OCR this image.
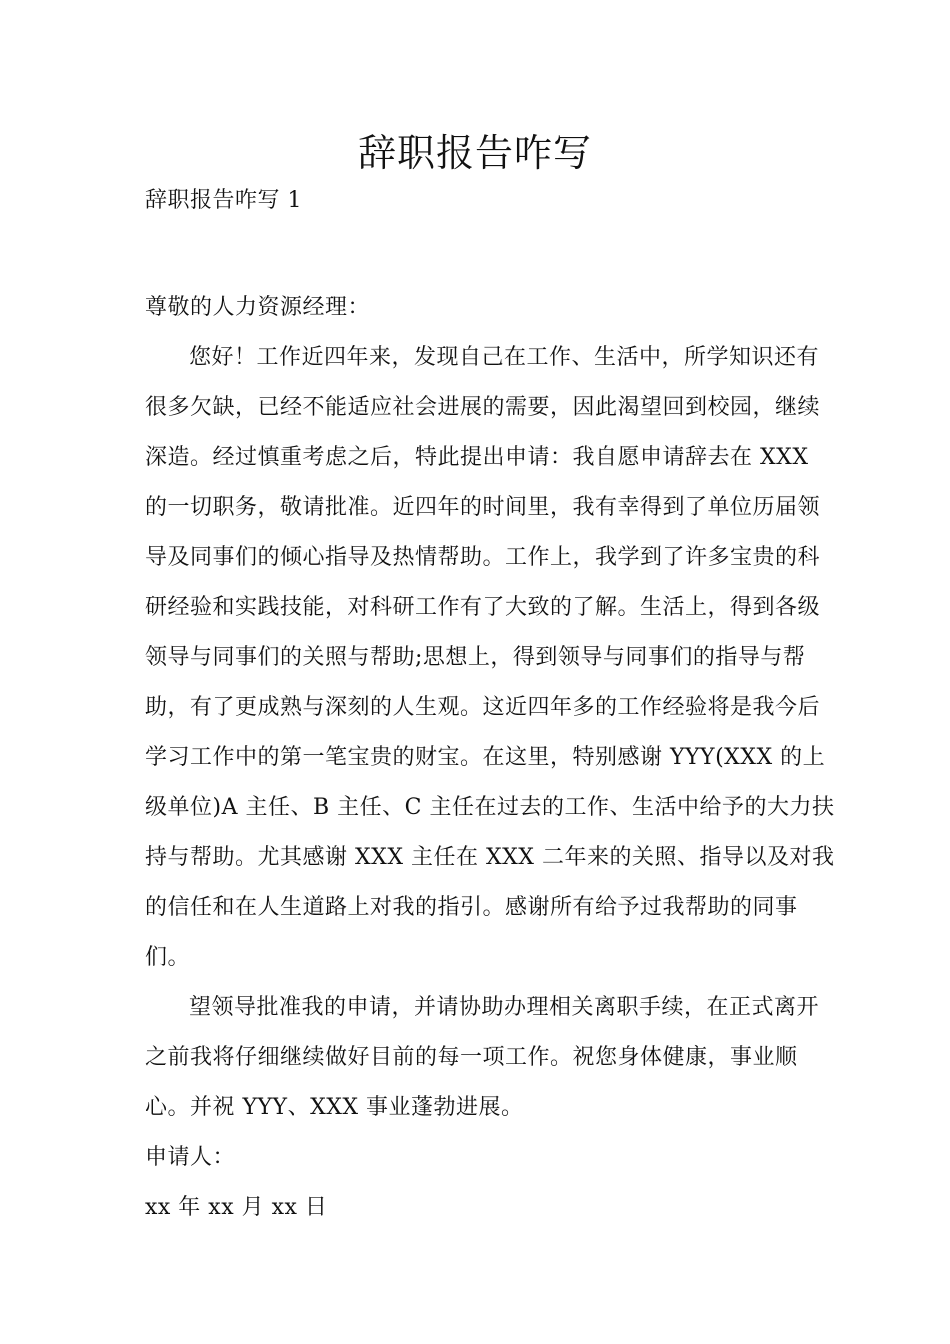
辞职报告咋写
辞职报告咋写 1

尊敬的人力资源经理：

您好！工作近四年来，发现自己在工作、生活中，所学知识还有很多欠缺，已经不能适应社会进展的需要，因此渴望回到校园，继续深造。经过慎重考虑之后，特此提出申请：我自愿申请辞去在 XXX 的一切职务，敬请批准。近四年的时间里，我有幸得到了单位历届领导及同事们的倾心指导及热情帮助。工作上，我学到了许多宝贵的科研经验和实践技能，对科研工作有了大致的了解。生活上，得到各级领导与同事们的关照与帮助;思想上，得到领导与同事们的指导与帮助，有了更成熟与深刻的人生观。这近四年多的工作经验将是我今后学习工作中的第一笔宝贵的财宝。在这里，特别感谢 YYY(XXX 的上级单位)A 主任、B 主任、C 主任在过去的工作、生活中给予的大力扶持与帮助。尤其感谢 XXX 主任在 XXX 二年来的关照、指导以及对我的信任和在人生道路上对我的指引。感谢所有给予过我帮助的同事们。

望领导批准我的申请，并请协助办理相关离职手续，在正式离开之前我将仔细继续做好目前的每一项工作。祝您身体健康，事业顺心。并祝 YYY、XXX 事业蓬勃进展。

申请人：

xx 年 xx 月 xx 日
